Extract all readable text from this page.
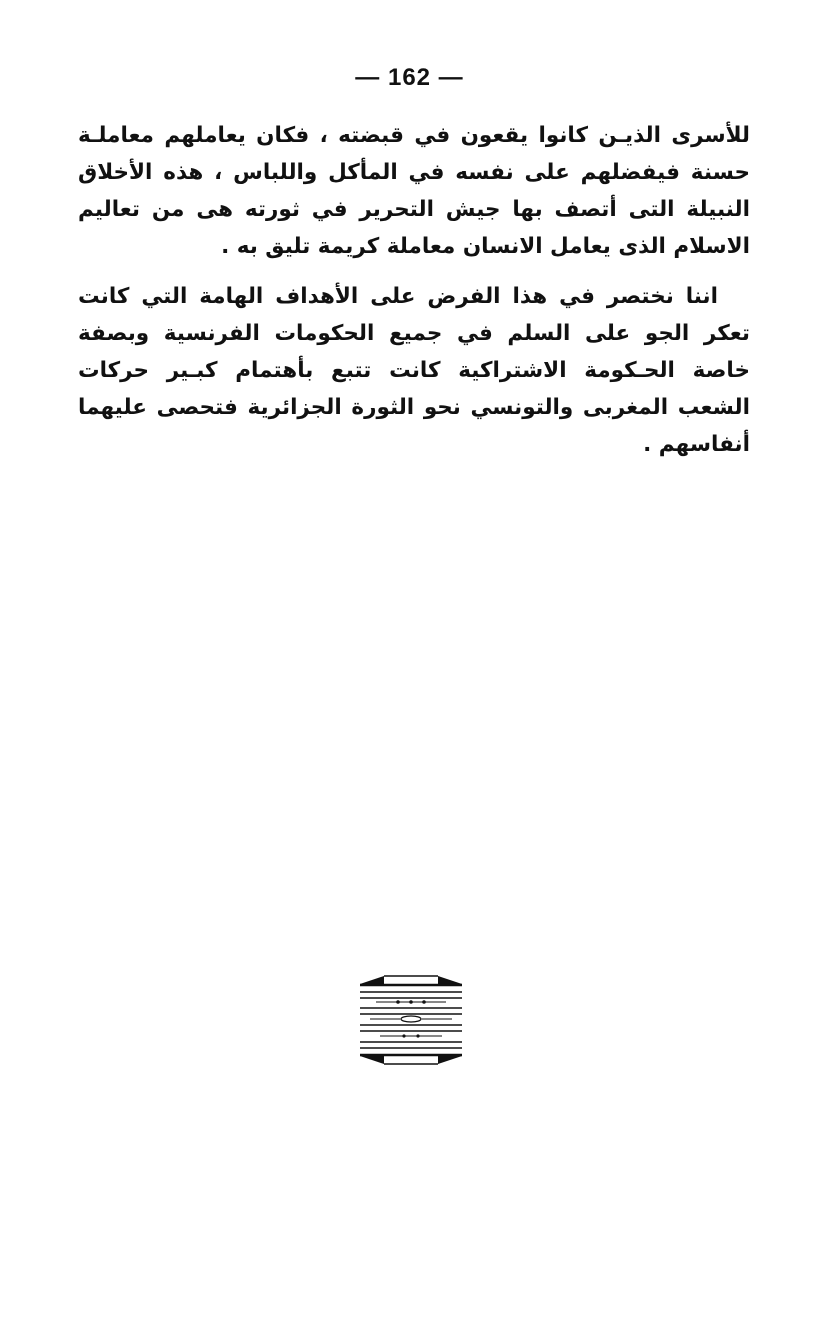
— 162 —

للأسرى الذيـن كانوا يقعون في قبضته ، فكان يعاملهم معاملـة حسنة فيفضلهم على نفسه في المأكل واللباس ، هذه الأخلاق النبيلة التى أتصف بها جيش التحرير في ثورته هى من تعاليم الاسلام الذى يعامل الانسان معاملة كريمة تليق به .

اننا نختصر في هذا الفرض على الأهداف الهامة التي كانت تعكر الجو على السلم في جميع الحكومات الفرنسية وبصفة خاصة الحـكومة الاشتراكية كانت تتبع بأهتمام كبـير حركات الشعب المغربى والتونسي نحو الثورة الجزائرية فتحصى عليهما أنفاسهم .
